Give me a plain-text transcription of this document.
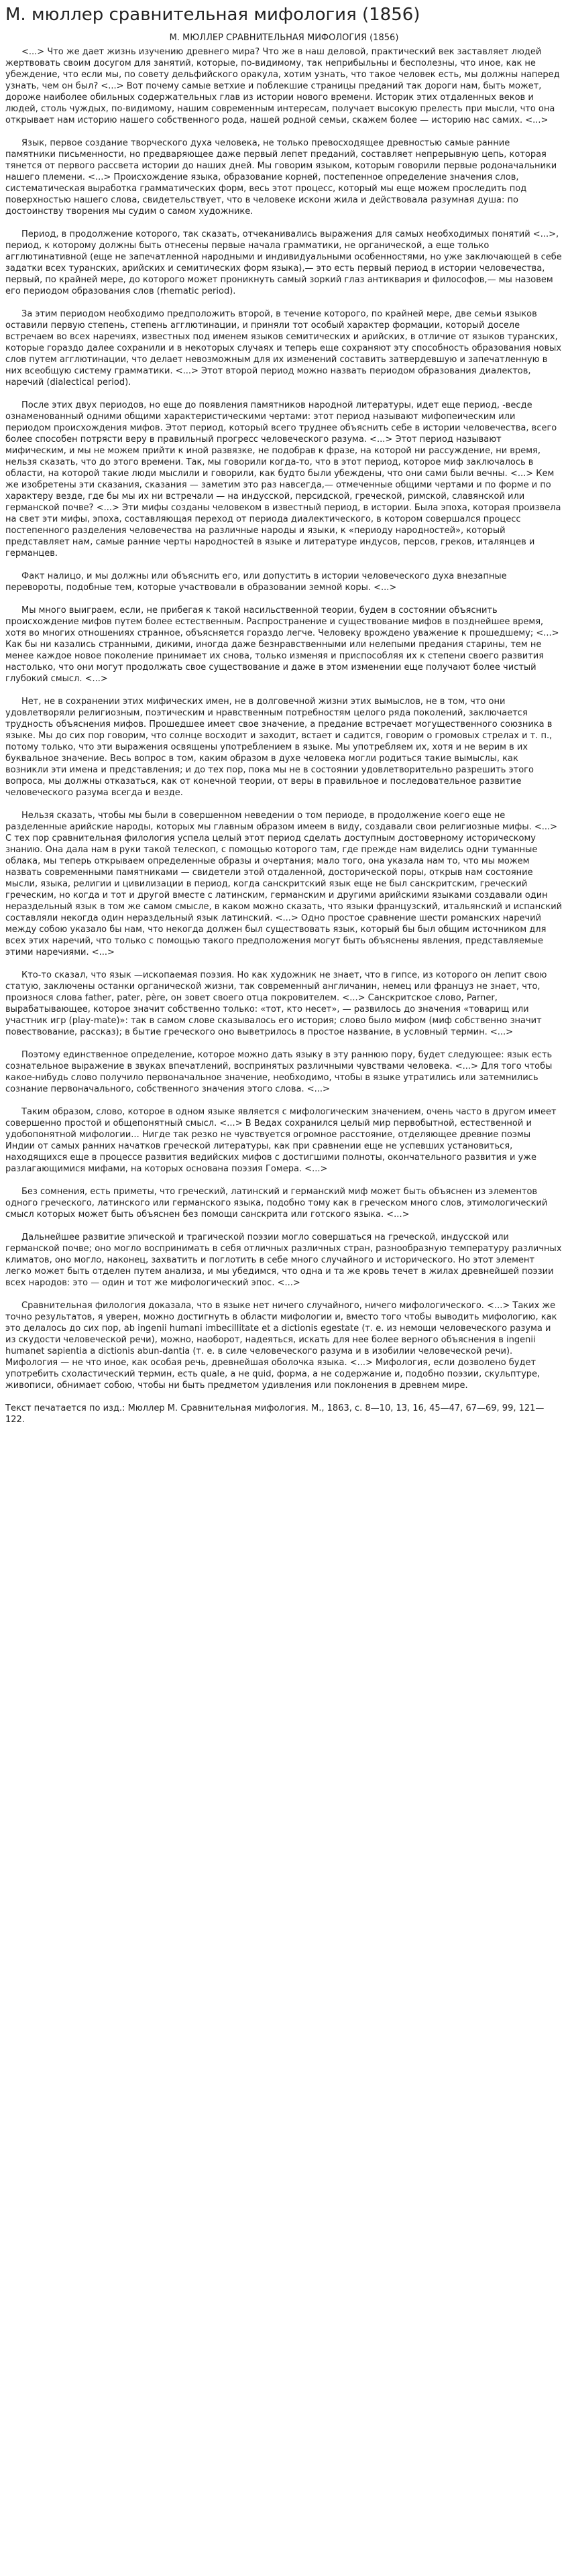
М. мюллер сравнительная мифология (1856)
М. МЮЛЛЕР СРАВНИТЕЛЬНАЯ МИФОЛОГИЯ (1856)

<...> Что же дает жизнь изучению древнего мира? Что же в наш деловой, практический век заставляет людей жертвовать своим досугом для занятий, которые, по-видимому, так неприбыльны и бесполезны, что иное, как не убеждение, что если мы, по совету дельфийского оракула, хотим узнать, что такое человек есть, мы должны наперед узнать, чем он был? <...> Вот почему самые ветхие и поблекшие страницы преданий так дороги нам, быть может, дороже наиболее обильных содержательных глав из истории нового времени. Историк этих отдаленных веков и людей, столь чуждых, по-видимому, нашим современным интересам, получает высокую прелесть при мысли, что она открывает нам историю нашего собственного рода, нашей родной семьи, скажем более — историю нас самих. <...>

Язык, первое создание творческого духа человека, не только превосходящее древностью самые ранние памятники письменности, но предваряющее даже первый лепет преданий, составляет непрерывную цепь, которая тянется от первого рассвета истории до наших дней. Мы говорим языком, которым говорили первые родоначальники нашего племени. <...> Происхождение языка, образование корней, постепенное определение значения слов, систематическая выработка грамматических форм, весь этот процесс, который мы еще можем проследить под поверхностью нашего слова, свидетельствует, что в человеке искони жила и действовала разумная душа: по достоинству творения мы судим о самом художнике.

Период, в продолжение которого, так сказать, отчеканивались выражения для самых необходимых понятий <...>, период, к которому должны быть отнесены первые начала грамматики, не органической, а еще только агглютинативной (еще не запечатленной народными и индивидуальными особенностями, но уже заключающей в себе задатки всех туранских, арийских и семитических форм языка),— это есть первый период в истории человечества, первый, по крайней мере, до которого может проникнуть самый зоркий глаз антиквария и философов,— мы назовем его периодом образования слов (rhematic period).

За этим периодом необходимо предположить второй, в течение которого, по крайней мере, две семьи языков оставили первую степень, степень агглютинации, и приняли тот особый характер формации, который доселе встречаем во всех наречиях, известных под именем языков семитических и арийских, в отличие от языков туранских, которые гораздо далее сохранили и в некоторых случаях и теперь еще сохраняют эту способность образования новых слов путем агглютинации, что делает невозможным для их изменений составить затвердевшую и запечатленную в них всеобщую систему грамматики. <...> Этот второй период можно назвать периодом образования диалектов, наречий (dialectical period).

После этих двух периодов, но еще до появления памятников народной литературы, идет еще период, -весде ознаменованный одними общими характеристическими чертами: этот период называют мифопеическим или периодом происхождения мифов. Этот период, который всего труднее объяснить себе в истории человечества, всего более способен потрясти веру в правильный прогресс человеческого разума. <...> Этот период называют мифическим, и мы не можем прийти к иной развязке, не подобрав к фразе, на которой ни рассуждение, ни время, нельзя сказать, что до этого времени. Так, мы говорили когда-то, что в этот период, которое миф заключалось в области, на которой такие люди мыслили и говорили, как будто были убеждены, что они сами были вечны. <...> Кем же изобретены эти сказания, сказания — заметим это раз навсегда,— отмеченные общими чертами и по форме и по характеру везде, где бы мы их ни встречали — на индусской, персидской, греческой, римской, славянской или германской почве? <...> Эти мифы созданы человеком в известный период, в истории. Была эпоха, которая произвела на свет эти мифы, эпоха, составляющая переход от периода диалектического, в котором совершался процесс постепенного разделения человечества на различные народы и языки, к «периоду народностей», который представляет нам, самые ранние черты народностей в языке и литературе индусов, персов, греков, италянцев и германцев.

Факт налицо, и мы должны или объяснить его, или допустить в истории человеческого духа внезапные перевороты, подобные тем, которые участвовали в образовании земной коры. <...>

Мы много выиграем, если, не прибегая к такой насильственной теории, будем в состоянии объяснить происхождение мифов путем более естественным. Распространение и существование мифов в позднейшее время, хотя во многих отношениях странное, объясняется гораздо легче. Человеку врождено уважение к прошедшему; <...> Как бы ни казались странными, дикими, иногда даже безнравственными или нелепыми предания старины, тем не менее каждое новое поколение принимает их снова, только изменяя и приспособляя их к степени своего развития настолько, что они могут продолжать свое существование и даже в этом изменении еще получают более чистый глубокий смысл. <...>

Нет, не в сохранении этих мифических имен, не в долговечной жизни этих вымыслов, не в том, что они удовлетворяли религиозным, поэтическим и нравственным потребностям целого ряда поколений, заключается трудность объяснения мифов. Прошедшее имеет свое значение, а предание встречает могущественного союзника в языке. Мы до сих пор говорим, что солнце восходит и заходит, встает и садится, говорим о громовых стрелах и т. п., потому только, что эти выражения освящены употреблением в языке. Мы употребляем их, хотя и не верим в их буквальное значение. Весь вопрос в том, каким образом в духе человека могли родиться такие вымыслы, как возникли эти имена и представления; и до тех пор, пока мы не в состоянии удовлетворительно разрешить этого вопроса, мы должны отказаться, как от конечной теории, от веры в правильное и последовательное развитие человеческого разума всегда и везде.

Нельзя сказать, чтобы мы были в совершенном неведении о том периоде, в продолжение коего еще не разделенные арийские народы, которых мы главным образом имеем в виду, создавали свои религиозные мифы. <...> С тех пор сравнительная филология успела целый этот период сделать доступным достоверному историческому знанию. Она дала нам в руки такой телескоп, с помощью которого там, где прежде нам виделись одни туманные облака, мы теперь открываем определенные образы и очертания; мало того, она указала нам то, что мы можем назвать современными памятниками — свидетели этой отдаленной, досторической поры, открыв нам состояние мысли, языка, религии и цивилизации в период, когда санскритский язык еще не был санскритским, греческий греческим, но когда и тот и другой вместе с латинским, германским и другими арийскими языками создавали один нераздельный язык в том же самом смысле, в каком можно сказать, что языки французский, итальянский и испанский составляли некогда один нераздельный язык латинский. <...> Одно простое сравнение шести романских наречий между собою указало бы нам, что некогда должен был существовать язык, который бы был общим источником для всех этих наречий, что только с помощью такого предположения могут быть объяснены явления, представляемые этими наречиями. <...>

Кто-то сказал, что язык —ископаемая поэзия. Но как художник не знает, что в гипсе, из которого он лепит свою статую, заключены останки органической жизни, так современный англичанин, немец или француз не знает, что, произнося слова father, pater, père, он зовет своего отца покровителем. <...> Санскритское слово, Parner, вырабатывающее, которое значит собственно только: «тот, кто несет», — развилось до значения «товарищ или участник игр (play-mate)»: так в самом слове сказывалось его история; слово было мифом (миф собственно значит повествование, рассказ); в бытие греческого оно выветрилось в простое название, в условный термин. <...>

Поэтому единственное определение, которое можно дать языку в эту раннюю пору, будет следующее: язык есть сознательное выражение в звуках впечатлений, воспринятых различными чувствами человека. <...> Для того чтобы какое-нибудь слово получило первоначальное значение, необходимо, чтобы в языке утратились или затемнились сознание первоначального, собственного значения этого слова. <...>

Таким образом, слово, которое в одном языке является с мифологическим значением, очень часто в другом имеет совершенно простой и общепонятный смысл. <...> В Ведах сохранился целый мир первобытной, естественной и удобопонятной мифологии... Нигде так резко не чувствуется огромное расстояние, отделяющее древние поэмы Индии от самых ранних начатков греческой литературы, как при сравнении еще не успевших установиться, находящихся еще в процессе развития ведийских мифов с достигшими полноты, окончательного развития и уже разлагающимися мифами, на которых основана поэзия Гомера. <...>

Без сомнения, есть приметы, что греческий, латинский и германский миф может быть объяснен из элементов одного греческого, латинского или германского языка, подобно тому как в греческом много слов, этимологический смысл которых может быть объяснен без помощи санскрита или готского языка. <...>

Дальнейшее развитие эпической и трагической поэзии могло совершаться на греческой, индусской или германской почве; оно могло воспринимать в себя отличных различных стран, разнообразную температуру различных климатов, оно могло, наконец, захватить и поглотить в себе много случайного и исторического. Но этот элемент легко может быть отделен путем анализа, и мы убедимся, что одна и та же кровь течет в жилах древнейшей поэзии всех народов: это — один и тот же мифологический эпос. <...>

Сравнительная филология доказала, что в языке нет ничего случайного, ничего мифологического. <...> Таких же точно результатов, я уверен, можно достигнуть в области мифологии и, вместо того чтобы выводить мифологию, как это делалось до сих пор, ab ingenii humani imbecillitate et a dictionis egestate (т. е. из немощи человеческого разума и из скудости человеческой речи), можно, наоборот, надеяться, искать для нее более верного объяснения в ingenii humanet sapientia a dictionis abun-dantia (т. е. в силе человеческого разума и в изобилии человеческой речи). Мифология — не что иное, как особая речь, древнейшая оболочка языка. <...> Мифология, если дозволено будет употребить схоластический термин, есть quale, a не quid, форма, а не содержание и, подобно поэзии, скульптуре, живописи, обнимает собою, чтобы ни быть предметом удивления или поклонения в древнем мире.

Текст печатается по изд.: Мюллер М. Сравнительная мифология. М., 1863, с. 8—10, 13, 16, 45—47, 67—69, 99, 121—122.
